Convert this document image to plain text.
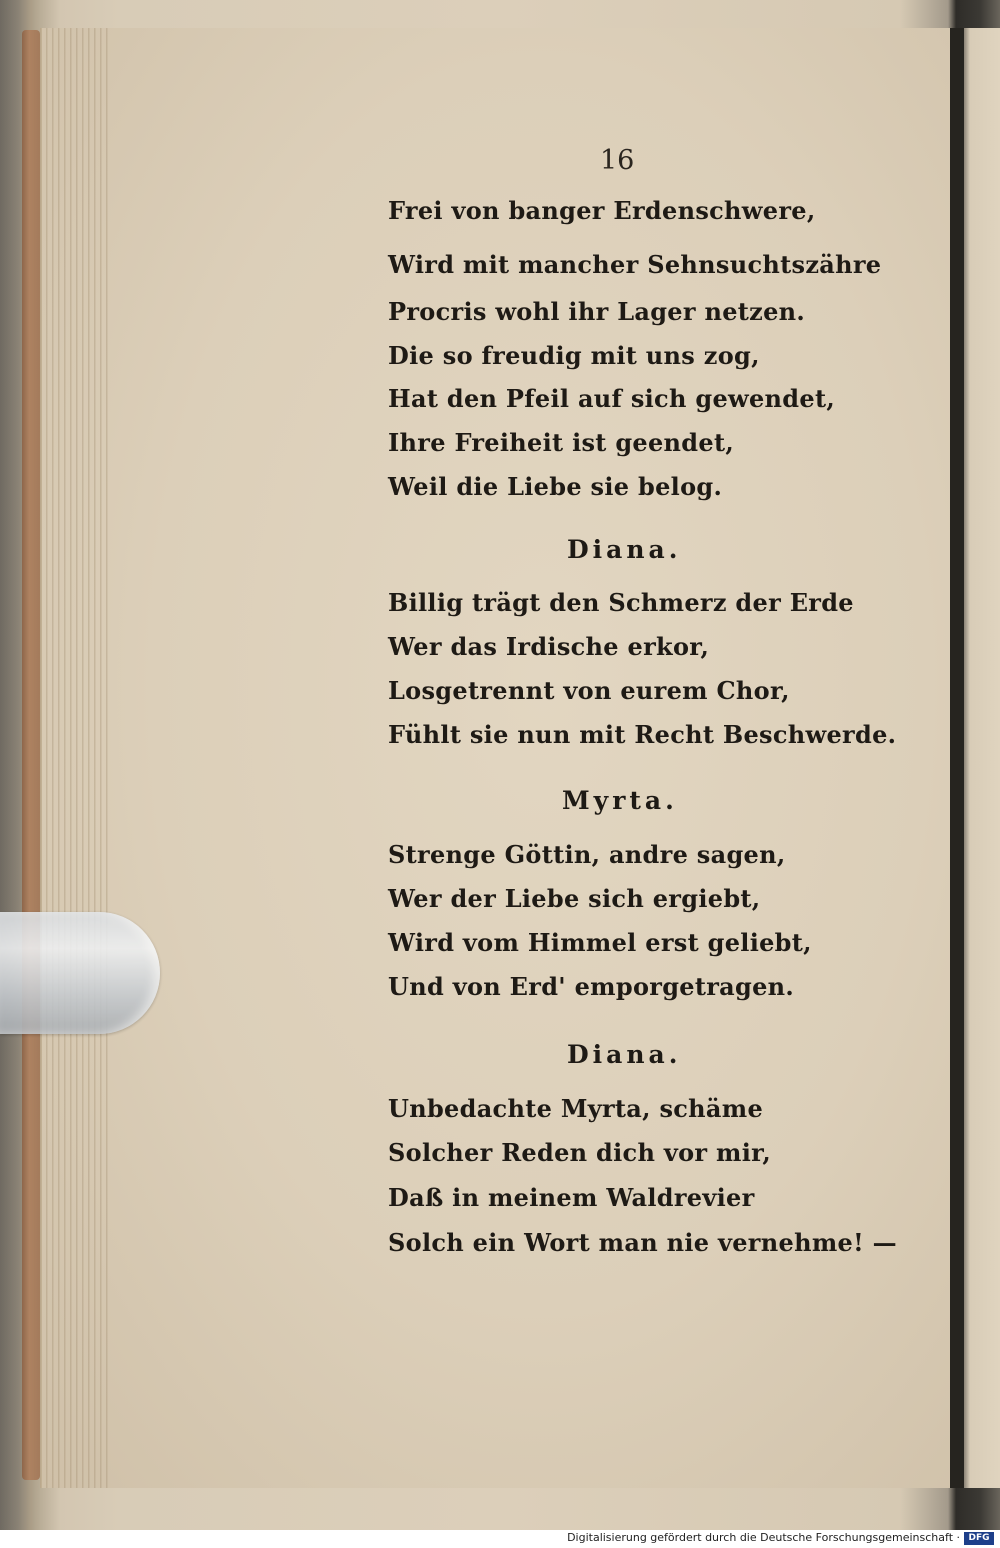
16
Frei von banger Erdenschwere,
Wird mit mancher Sehnsuchtszähre
Procris wohl ihr Lager netzen.
Die so freudig mit uns zog,
Hat den Pfeil auf sich gewendet,
Ihre Freiheit ist geendet,
Weil die Liebe sie belog.
Diana.
Billig trägt den Schmerz der Erde
Wer das Irdische erkor,
Losgetrennt von eurem Chor,
Fühlt sie nun mit Recht Beschwerde.
Myrta.
Strenge Göttin, andre sagen,
Wer der Liebe sich ergiebt,
Wird vom Himmel erst geliebt,
Und von Erd' emporgetragen.
Diana.
Unbedachte Myrta, schäme
Solcher Reden dich vor mir,
Daß in meinem Waldrevier
Solch ein Wort man nie vernehme! —
Digitalisierung gefördert durch die Deutsche Forschungsgemeinschaft · DFG
